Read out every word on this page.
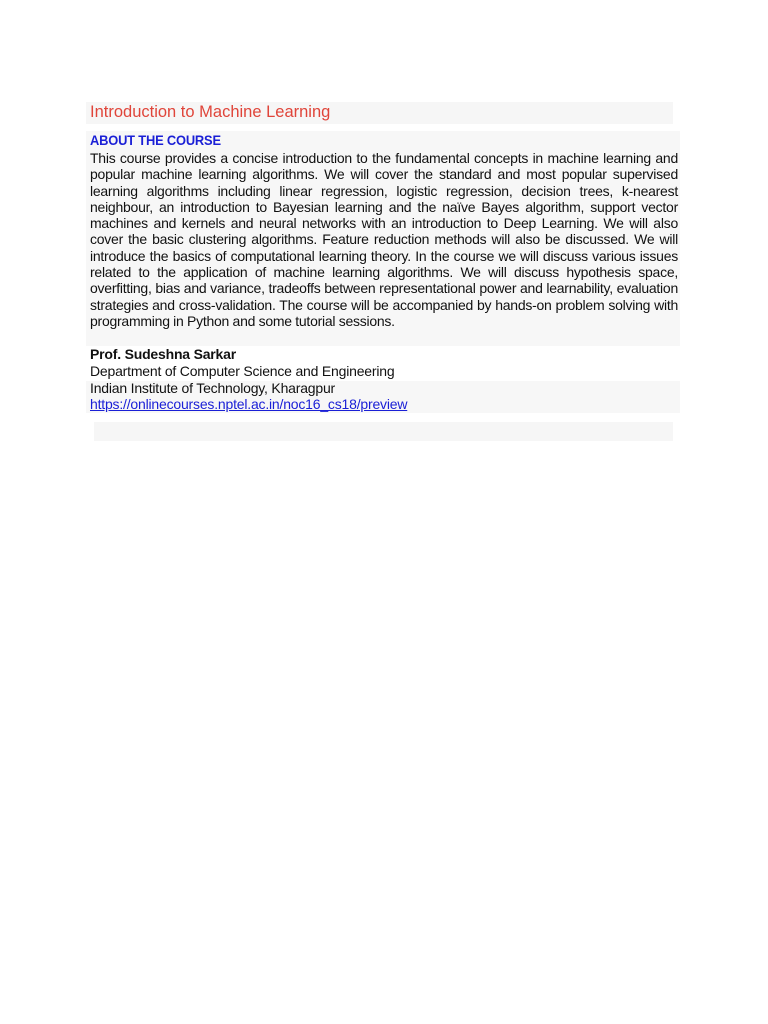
Introduction to Machine Learning
ABOUT THE COURSE

This course provides a concise introduction to the fundamental concepts in machine learning and popular machine learning algorithms. We will cover the standard and most popular supervised learning algorithms including linear regression, logistic regression, decision trees, k-nearest neighbour, an introduction to Bayesian learning and the naïve Bayes algorithm, support vector machines and kernels and neural networks with an introduction to Deep Learning. We will also cover the basic clustering algorithms. Feature reduction methods will also be discussed. We will introduce the basics of computational learning theory. In the course we will discuss various issues related to the application of machine learning algorithms. We will discuss hypothesis space, overfitting, bias and variance, tradeoffs between representational power and learnability, evaluation strategies and cross-validation. The course will be accompanied by hands-on problem solving with programming in Python and some tutorial sessions.

Prof. Sudeshna Sarkar
Department of Computer Science and Engineering
Indian Institute of Technology, Kharagpur
https://onlinecourses.nptel.ac.in/noc16_cs18/preview
